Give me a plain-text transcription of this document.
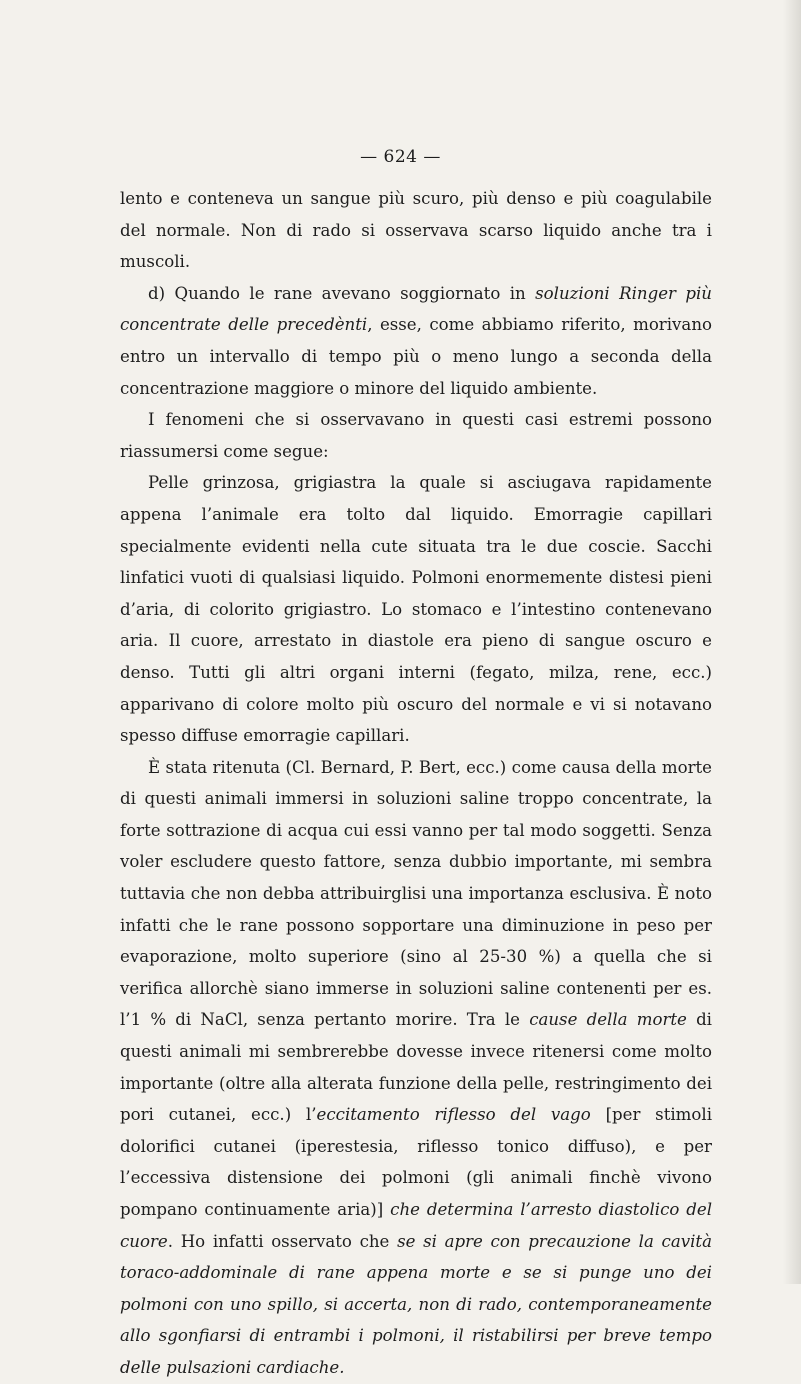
— 624 —

lento e conteneva un sangue più scuro, più denso e più coagulabile del normale. Non di rado si osservava scarso liquido anche tra i muscoli.

d) Quando le rane avevano soggiornato in soluzioni Ringer più concentrate delle precedènti, esse, come abbiamo riferito, morivano entro un intervallo di tempo più o meno lungo a seconda della concentrazione maggiore o minore del liquido ambiente.

I fenomeni che si osservavano in questi casi estremi possono riassumersi come segue:

Pelle grinzosa, grigiastra la quale si asciugava rapidamente appena l’animale era tolto dal liquido. Emorragie capillari specialmente evidenti nella cute situata tra le due coscie. Sacchi linfatici vuoti di qualsiasi liquido. Polmoni enormemente distesi pieni d’aria, di colorito grigiastro. Lo stomaco e l’intestino contenevano aria. Il cuore, arrestato in diastole era pieno di sangue oscuro e denso. Tutti gli altri organi interni (fegato, milza, rene, ecc.) apparivano di colore molto più oscuro del normale e vi si notavano spesso diffuse emorragie capillari.

È stata ritenuta (Cl. Bernard, P. Bert, ecc.) come causa della morte di questi animali immersi in soluzioni saline troppo concentrate, la forte sottrazione di acqua cui essi vanno per tal modo soggetti. Senza voler escludere questo fattore, senza dubbio importante, mi sembra tuttavia che non debba attribuirglisi una importanza esclusiva. È noto infatti che le rane possono sopportare una diminuzione in peso per evaporazione, molto superiore (sino al 25-30 %) a quella che si verifica allorchè siano immerse in soluzioni saline contenenti per es. l’1 % di NaCl, senza pertanto morire. Tra le cause della morte di questi animali mi sembrerebbe dovesse invece ritenersi come molto importante (oltre alla alterata funzione della pelle, restringimento dei pori cutanei, ecc.) l’eccitamento riflesso del vago [per stimoli dolorifici cutanei (iperestesia, riflesso tonico diffuso), e per l’eccessiva distensione dei polmoni (gli animali finchè vivono pompano continuamente aria)] che determina l’arresto diastolico del cuore. Ho infatti osservato che se si apre con precauzione la cavità toraco-addominale di rane appena morte e se si punge uno dei polmoni con uno spillo, si accerta, non di rado, contemporaneamente allo sgonfiarsi di entrambi i polmoni, il ristabilirsi per breve tempo delle pulsazioni cardiache.
